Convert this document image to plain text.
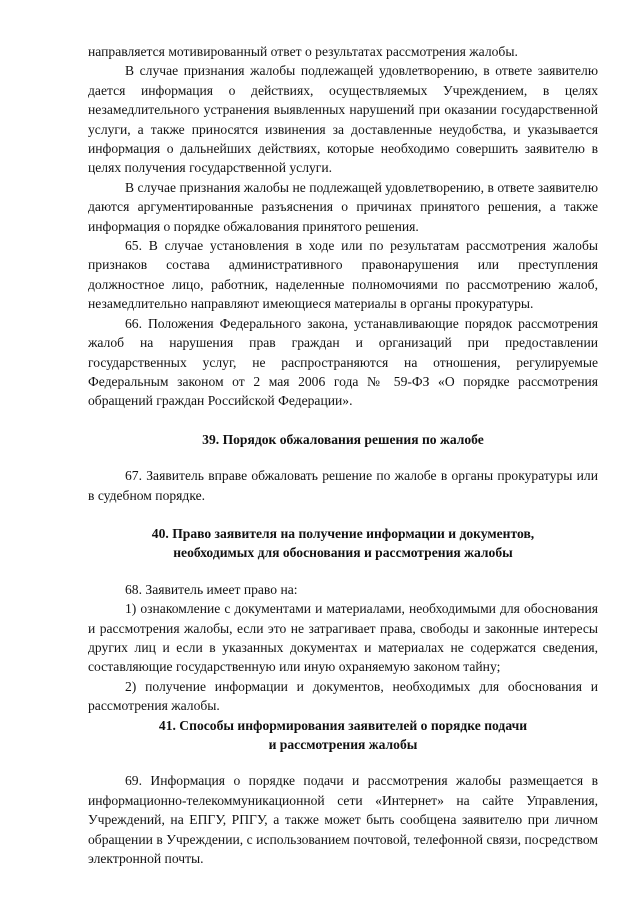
направляется мотивированный ответ о результатах рассмотрения жалобы.

В случае признания жалобы подлежащей удовлетворению, в ответе заявителю дается информация о действиях, осуществляемых Учреждением, в целях незамедлительного устранения выявленных нарушений при оказании государственной услуги, а также приносятся извинения за доставленные неудобства, и указывается информация о дальнейших действиях, которые необходимо совершить заявителю в целях получения государственной услуги.

В случае признания жалобы не подлежащей удовлетворению, в ответе заявителю даются аргументированные разъяснения о причинах принятого решения, а также информация о порядке обжалования принятого решения.

65. В случае установления в ходе или по результатам рассмотрения жалобы признаков состава административного правонарушения или преступления должностное лицо, работник, наделенные полномочиями по рассмотрению жалоб, незамедлительно направляют имеющиеся материалы в органы прокуратуры.

66. Положения Федерального закона, устанавливающие порядок рассмотрения жалоб на нарушения прав граждан и организаций при предоставлении государственных услуг, не распространяются на отношения, регулируемые Федеральным законом от 2 мая 2006 года № 59-ФЗ «О порядке рассмотрения обращений граждан Российской Федерации».

39. Порядок обжалования решения по жалобе

67. Заявитель вправе обжаловать решение по жалобе в органы прокуратуры или в судебном порядке.

40. Право заявителя на получение информации и документов,
необходимых для обоснования и рассмотрения жалобы

68. Заявитель имеет право на:

1) ознакомление с документами и материалами, необходимыми для обоснования и рассмотрения жалобы, если это не затрагивает права, свободы и законные интересы других лиц и если в указанных документах и материалах не содержатся сведения, составляющие государственную или иную охраняемую законом тайну;

2) получение информации и документов, необходимых для обоснования и рассмотрения жалобы.

41. Способы информирования заявителей о порядке подачи
и рассмотрения жалобы

69. Информация о порядке подачи и рассмотрения жалобы размещается в информационно-телекоммуникационной сети «Интернет» на сайте Управления, Учреждений, на ЕПГУ, РПГУ, а также может быть сообщена заявителю при личном обращении в Учреждении, с использованием почтовой, телефонной связи, посредством электронной почты.
